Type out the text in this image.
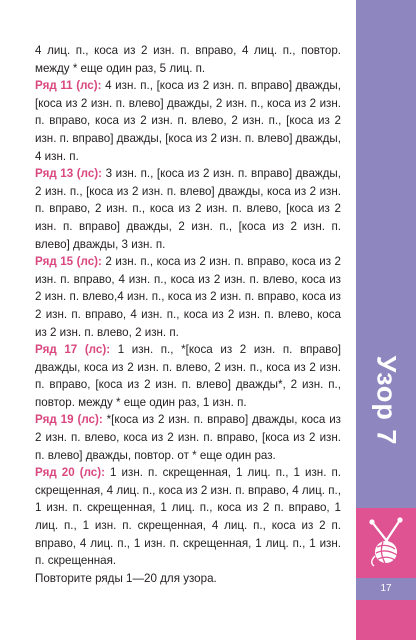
4 лиц. п., коса из 2 изн. п. вправо, 4 лиц. п., повтор. между * еще один раз, 5 лиц. п.

Ряд 11 (лс): 4 изн. п., [коса из 2 изн. п. вправо] дважды, [коса из 2 изн. п. влево] дважды, 2 изн. п., коса из 2 изн. п. вправо, коса из 2 изн. п. влево, 2 изн. п., [коса из 2 изн. п. вправо] дважды, [коса из 2 изн. п. влево] дважды, 4 изн. п.

Ряд 13 (лс): 3 изн. п., [коса из 2 изн. п. вправо] дважды, 2 изн. п., [коса из 2 изн. п. влево] дважды, коса из 2 изн. п. вправо, 2 изн. п., коса из 2 изн. п. влево, [коса из 2 изн. п. вправо] дважды, 2 изн. п., [коса из 2 изн. п. влево] дважды, 3 изн. п.

Ряд 15 (лс): 2 изн. п., коса из 2 изн. п. вправо, коса из 2 изн. п. вправо, 4 изн. п., коса из 2 изн. п. влево, коса из 2 изн. п. влево,4 изн. п., коса из 2 изн. п. вправо, коса из 2 изн. п. вправо, 4 изн. п., коса из 2 изн. п. влево, коса из 2 изн. п. влево, 2 изн. п.

Ряд 17 (лс): 1 изн. п., *[коса из 2 изн. п. вправо] дважды, коса из 2 изн. п. влево, 2 изн. п., коса из 2 изн. п. вправо, [коса из 2 изн. п. влево] дважды*, 2 изн. п., повтор. между * еще один раз, 1 изн. п.

Ряд 19 (лс): *[коса из 2 изн. п. вправо] дважды, коса из 2 изн. п. влево, коса из 2 изн. п. вправо, [коса из 2 изн. п. влево] дважды, повтор. от * еще один раз.

Ряд 20 (лс): 1 изн. п. скрещенная, 1 лиц. п., 1 изн. п. скрещенная, 4 лиц. п., коса из 2 изн. п. вправо, 4 лиц. п., 1 изн. п. скрещенная, 1 лиц. п., коса из 2 п. вправо, 1 лиц. п., 1 изн. п. скрещенная, 4 лиц. п., коса из 2 п. вправо, 4 лиц. п., 1 изн. п. скрещенная, 1 лиц. п., 1 изн. п. скрещенная.

Повторите ряды 1—20 для узора.

Узор 7
17
